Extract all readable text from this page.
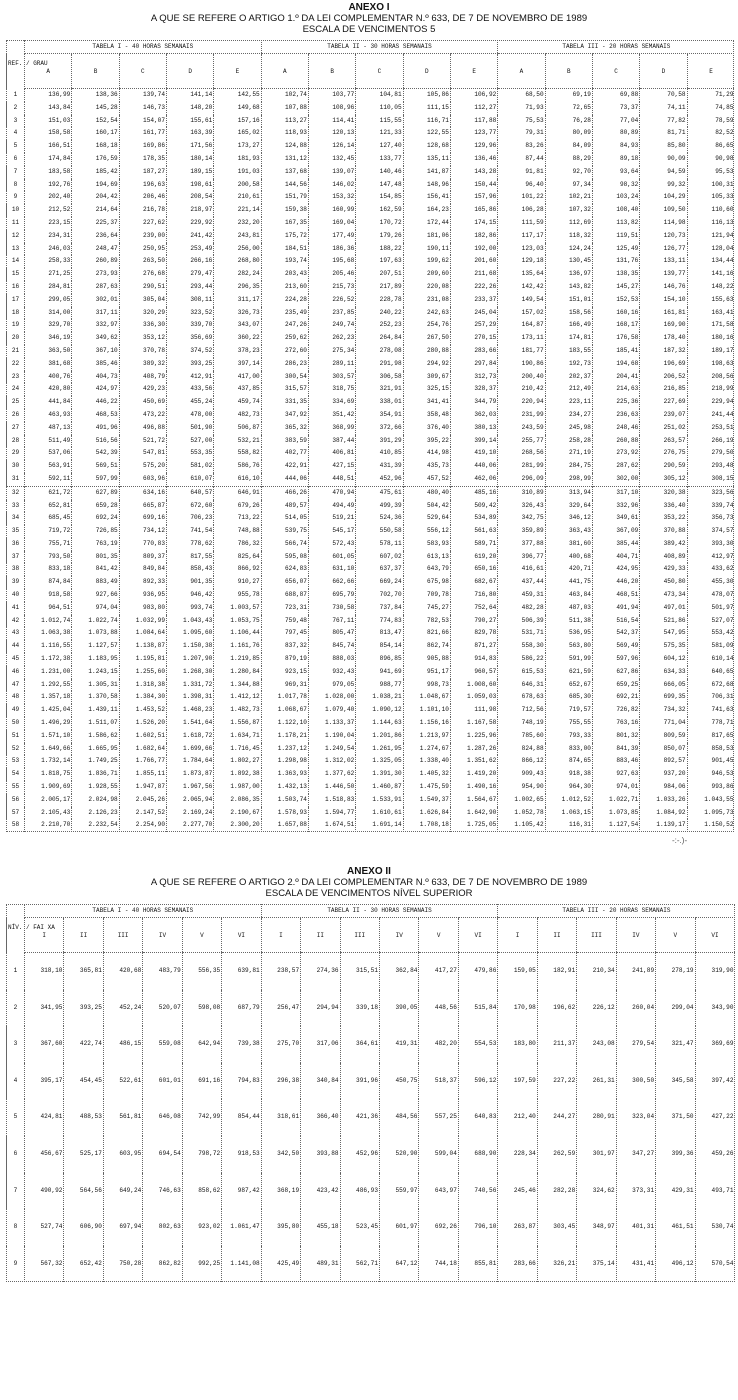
ANEXO I
A QUE SE REFERE O ARTIGO 1.º DA LEI COMPLEMENTAR N.º 633, DE 7 DE NOVEMBRO DE 1989
ESCALA DE VENCIMENTOS 5
REF. / GRAU	TABELA I - 40 HORAS SEMANAIS					TABELA II - 30 HORAS SEMANAIS					TABELA III - 20 HORAS SEMANAIS				
	A	B	C	D	E	A	B	C	D	E	A	B	C	D	E
1	136,99	138,36	139,74	141,14	142,55	102,74	103,77	104,81	105,86	106,92	68,50	69,19	69,88	70,58	71,29
2	143,84	145,28	146,73	148,20	149,68	107,88	108,96	110,05	111,15	112,27	71,93	72,65	73,37	74,11	74,85
3	151,03	152,54	154,07	155,61	157,16	113,27	114,41	115,55	116,71	117,88	75,53	76,28	77,04	77,82	78,59
4	158,58	160,17	161,77	163,39	165,02	118,93	120,13	121,33	122,55	123,77	79,31	80,09	80,89	81,71	82,52
5	166,51	168,18	169,86	171,56	173,27	124,88	126,14	127,40	128,68	129,96	83,26	84,09	84,93	85,80	86,65
6	174,84	176,59	178,35	180,14	181,93	131,12	132,45	133,77	135,11	136,46	87,44	88,29	89,18	90,09	90,98
7	183,58	185,42	187,27	189,15	191,03	137,68	139,07	140,46	141,87	143,28	91,81	92,70	93,64	94,59	95,53
8	192,76	194,69	196,63	198,61	200,58	144,56	146,02	147,48	148,96	150,44	96,40	97,34	98,32	99,32	100,31
9	202,40	204,42	206,46	208,54	210,61	151,79	153,32	154,85	156,41	157,96	101,22	102,21	103,24	104,29	105,33
10	212,52	214,64	216,78	218,97	221,14	159,38	160,99	162,59	164,23	165,86	106,28	107,32	108,40	109,50	110,60
11	223,15	225,37	227,62	229,92	232,20	167,35	169,04	170,72	172,44	174,15	111,59	112,69	113,82	114,98	116,13
12	234,31	236,64	239,00	241,42	243,81	175,72	177,49	179,26	181,06	182,86	117,17	118,32	119,51	120,73	121,94
13	246,03	248,47	250,95	253,49	256,00	184,51	186,36	188,22	190,11	192,00	123,03	124,24	125,49	126,77	128,04
14	258,33	260,89	263,50	266,16	268,80	193,74	195,68	197,63	199,62	201,60	129,18	130,45	131,76	133,11	134,44
15	271,25	273,93	276,68	279,47	282,24	203,43	205,46	207,51	209,60	211,68	135,64	136,97	138,35	139,77	141,16
16	284,81	287,63	290,51	293,44	296,35	213,60	215,73	217,89	220,08	222,26	142,42	143,82	145,27	146,76	148,22
17	299,05	302,01	305,04	308,11	311,17	224,28	226,52	228,78	231,08	233,37	149,54	151,01	152,53	154,10	155,63
18	314,00	317,11	320,29	323,52	326,73	235,49	237,85	240,22	242,63	245,04	157,02	158,56	160,16	161,81	163,41
19	329,70	332,97	336,30	339,70	343,07	247,26	249,74	252,23	254,76	257,29	164,87	166,49	168,17	169,90	171,58
20	346,19	349,62	353,12	356,69	360,22	259,62	262,23	264,84	267,50	270,15	173,11	174,81	176,58	178,40	180,16
21	363,50	367,10	370,78	374,52	378,23	272,60	275,34	278,08	280,88	283,66	181,77	183,55	185,41	187,32	189,17
22	381,68	385,46	389,32	393,25	397,14	286,23	289,11	291,98	294,92	297,84	190,86	192,73	194,68	196,69	198,63
23	400,76	404,73	408,79	412,91	417,00	300,54	303,57	306,58	309,67	312,73	200,40	202,37	204,41	206,52	208,56
24	420,80	424,97	429,23	433,56	437,85	315,57	318,75	321,91	325,15	328,37	210,42	212,49	214,63	216,85	218,99
25	441,84	446,22	450,69	455,24	459,74	331,35	334,69	338,01	341,41	344,79	220,94	223,11	225,36	227,69	229,94
26	463,93	468,53	473,22	478,00	482,73	347,92	351,42	354,91	358,48	362,03	231,99	234,27	236,63	239,07	241,44
27	487,13	491,96	496,88	501,90	506,87	365,32	368,99	372,66	376,40	380,13	243,59	245,98	248,46	251,02	253,51
28	511,49	516,56	521,72	527,00	532,21	383,59	387,44	391,29	395,22	399,14	255,77	258,28	260,88	263,57	266,19
29	537,06	542,39	547,81	553,35	558,82	402,77	406,81	410,85	414,98	419,10	268,56	271,19	273,92	276,75	279,50
30	563,91	569,51	575,20	581,02	586,76	422,91	427,15	431,39	435,73	440,06	281,99	284,75	287,62	290,59	293,48
31	592,11	597,99	603,96	610,07	616,10	444,06	448,51	452,96	457,52	462,06	296,09	298,99	302,00	305,12	308,15
32	621,72	627,89	634,16	640,57	646,91	466,26	470,94	475,61	480,40	485,16	310,89	313,94	317,10	320,38	323,56
33	652,81	659,28	665,87	672,60	679,26	489,57	494,49	499,39	504,42	509,42	326,43	329,64	332,96	336,40	339,74
34	685,45	692,24	699,16	706,23	713,22	514,05	519,21	524,36	529,64	534,89	342,75	346,12	349,61	353,22	356,73
35	719,72	726,85	734,12	741,54	748,88	539,75	545,17	550,58	556,12	561,63	359,89	363,43	367,09	370,88	374,57
36	755,71	763,19	770,83	778,62	786,32	566,74	572,43	578,11	583,93	589,71	377,88	381,60	385,44	389,42	393,30
37	793,50	801,35	809,37	817,55	825,64	595,08	601,05	607,02	613,13	619,20	396,77	400,68	404,71	408,89	412,97
38	833,18	841,42	849,84	858,43	866,92	624,83	631,10	637,37	643,79	650,16	416,61	420,71	424,95	429,33	433,62
39	874,84	883,49	892,33	901,35	910,27	656,07	662,66	669,24	675,98	682,67	437,44	441,75	446,20	450,80	455,30
40	918,58	927,66	936,95	946,42	955,78	688,87	695,79	702,70	709,78	716,80	459,31	463,84	468,51	473,34	478,07
41	964,51	974,04	983,80	993,74	1.003,57	723,31	730,58	737,84	745,27	752,64	482,28	487,03	491,94	497,01	501,97
42	1.012,74	1.022,74	1.032,99	1.043,43	1.053,75	759,48	767,11	774,83	782,53	790,27	506,39	511,38	516,54	521,86	527,07
43	1.063,38	1.073,88	1.084,64	1.095,60	1.106,44	797,45	805,47	813,47	821,66	829,78	531,71	536,95	542,37	547,95	553,42
44	1.116,55	1.127,57	1.138,87	1.150,38	1.161,76	837,32	845,74	854,14	862,74	871,27	558,30	563,80	569,49	575,35	581,09
45	1.172,38	1.183,95	1.195,81	1.207,90	1.219,85	879,19	888,03	896,85	905,88	914,83	586,22	591,99	597,96	604,12	610,14
46	1.231,00	1.243,15	1.255,60	1.268,30	1.280,84	923,15	932,43	941,69	951,17	960,57	615,53	621,59	627,86	634,33	640,65
47	1.292,55	1.305,31	1.318,38	1.331,72	1.344,88	969,31	979,05	988,77	998,73	1.008,60	646,31	652,67	659,25	666,05	672,68
48	1.357,18	1.370,58	1.384,30	1.398,31	1.412,12	1.017,78	1.028,00	1.038,21	1.048,67	1.059,03	678,63	685,30	692,21	699,35	706,31
49	1.425,04	1.439,11	1.453,52	1.468,23	1.482,73	1.068,67	1.079,40	1.090,12	1.101,10	111,98	712,56	719,57	726,82	734,32	741,63
50	1.496,29	1.511,07	1.526,20	1.541,64	1.556,87	1.122,10	1.133,37	1.144,63	1.156,16	1.167,58	748,19	755,55	763,16	771,04	778,71
51	1.571,10	1.586,62	1.602,51	1.618,72	1.634,71	1.178,21	1.190,04	1.201,86	1.213,97	1.225,96	785,60	793,33	801,32	809,59	817,65
52	1.649,66	1.665,95	1.682,64	1.699,66	1.716,45	1.237,12	1.249,54	1.261,95	1.274,67	1.287,26	824,88	833,00	841,39	850,07	858,53
53	1.732,14	1.749,25	1.766,77	1.784,64	1.802,27	1.298,98	1.312,02	1.325,05	1.338,40	1.351,62	866,12	874,65	883,46	892,57	901,45
54	1.818,75	1.836,71	1.855,11	1.873,87	1.892,38	1.363,93	1.377,62	1.391,30	1.405,32	1.419,20	909,43	918,38	927,63	937,20	946,53
55	1.909,69	1.928,55	1.947,87	1.967,56	1.987,00	1.432,13	1.446,50	1.460,87	1.475,59	1.490,16	954,90	964,30	974,01	984,06	993,86
56	2.005,17	2.024,98	2.045,26	2.065,94	2.086,35	1.503,74	1.518,83	1.533,91	1.549,37	1.564,67	1.002,65	1.012,52	1.022,71	1.033,26	1.043,55
57	2.105,43	2.126,23	2.147,52	2.169,24	2.190,67	1.578,93	1.594,77	1.610,61	1.626,84	1.642,90	1.052,78	1.063,15	1.073,85	1.084,92	1.095,73
58	2.210,70	2.232,54	2.254,90	2.277,70	2.300,20	1.657,88	1.674,51	1.691,14	1.708,18	1.725,05	1.105,42	116,31	1.127,54	1.139,17	1.150,52
-:-.)-
ANEXO II
A QUE SE REFERE O ARTIGO 2.º DA LEI COMPLEMENTAR N.º 633, DE 7 DE NOVEMBRO DE 1989
ESCALA DE VENCIMENTOS NÍVEL SUPERIOR
NÍV. / FAI XA	TABELA I - 40 HORAS SEMANAIS						TABELA II - 30 HORAS SEMANAIS						TABELA III - 20 HORAS SEMANAIS					
	I	II	III	IV	V	VI	I	II	III	IV	V	VI	I	II	III	IV	V	VI
1	318,10	365,81	420,68	483,79	556,35	639,81	238,57	274,36	315,51	362,84	417,27	479,86	159,05	182,91	210,34	241,89	278,19	319,90
2	341,95	393,25	452,24	520,07	598,08	687,79	256,47	294,94	339,18	390,05	448,56	515,84	170,98	196,62	226,12	260,04	299,04	343,90
3	367,60	422,74	486,15	559,08	642,94	739,38	275,70	317,06	364,61	419,31	482,20	554,53	183,80	211,37	243,08	279,54	321,47	369,69
4	395,17	454,45	522,61	601,01	691,16	794,83	296,38	340,84	391,96	450,75	518,37	596,12	197,59	227,22	261,31	300,50	345,58	397,42
5	424,81	488,53	561,81	646,08	742,99	854,44	318,61	366,40	421,36	484,56	557,25	640,83	212,40	244,27	280,91	323,04	371,50	427,22
6	456,67	525,17	603,95	694,54	798,72	918,53	342,50	393,88	452,96	520,90	599,04	688,90	228,34	262,59	301,97	347,27	399,36	459,26
7	490,92	564,56	649,24	746,63	858,62	987,42	368,19	423,42	486,93	559,97	643,97	740,56	245,46	282,28	324,62	373,31	429,31	493,71
8	527,74	606,90	697,94	802,63	923,02	1.061,47	395,80	455,18	523,45	601,97	692,26	796,10	263,87	303,45	348,97	401,31	461,51	530,74
9	567,32	652,42	750,28	862,82	992,25	1.141,08	425,49	489,31	562,71	647,12	744,18	855,81	283,66	326,21	375,14	431,41	496,12	570,54
